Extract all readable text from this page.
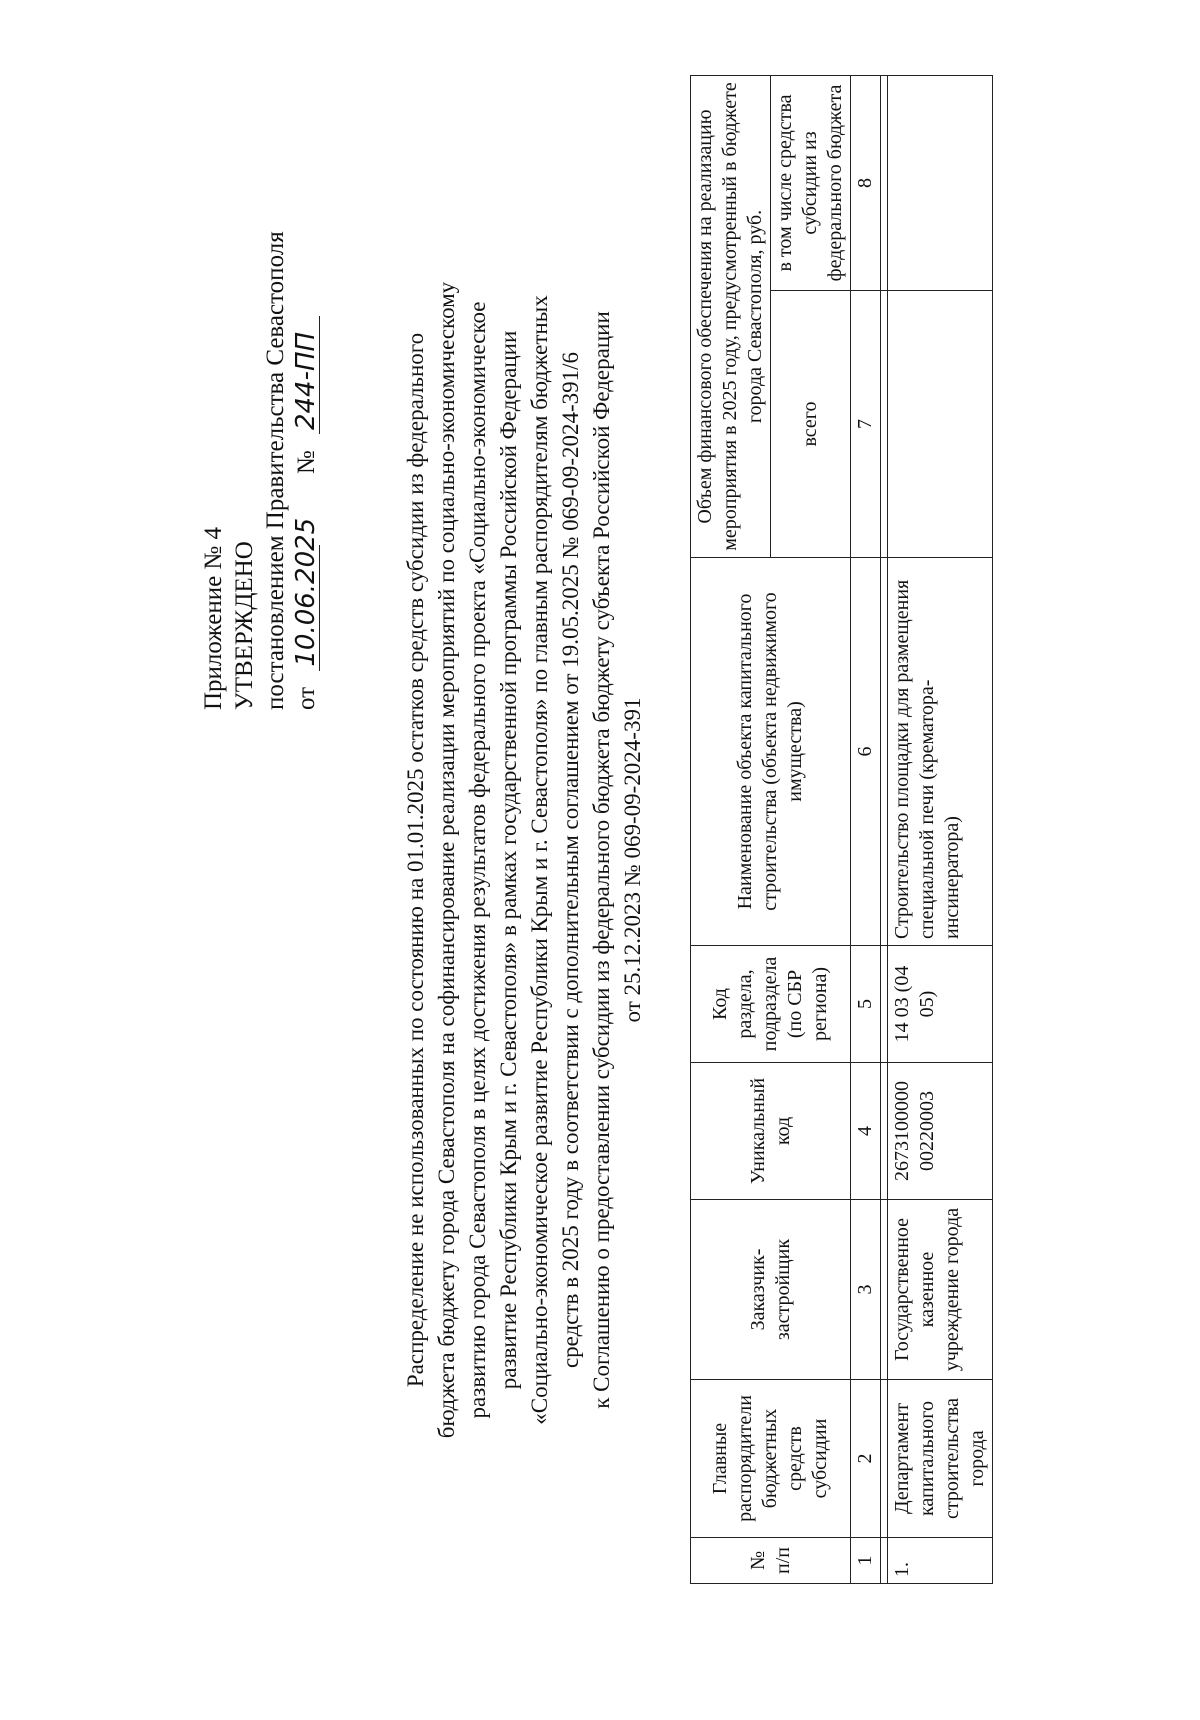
Приложение № 4 УТВЕРЖДЕНО постановлением Правительства Севастополя от 10.06.2025  № 244-ПП	Распределение не использованных по состоянию на 01.01.2025 остатков средств субсидии из федерального бюджета бюджету города Севастополя на софинансирование реализации мероприятий по социально-экономическому развитию города Севастополя в целях достижения результатов федерального проекта «Социально-экономическое развитие Республики Крым и г. Севастополя» в рамках государственной программы Российской Федерации «Социально-экономическое развитие Республики Крым и г. Севастополя» по главным распорядителям бюджетных средств в 2025 году в соответствии с дополнительным соглашением от 19.05.2025 № 069-09-2024-391/6 к Соглашению о предоставлении субсидии из федерального бюджета бюджету субъекта Российской Федерации от 25.12.2023 № 069-09-2024-391
№ п/п	Главные распорядители бюджетных средств субсидии	Заказчик-застройщик	Уникальный код	Код раздела, подраздела (по СБР региона)	Наименование объекта капитального строительства (объекта недвижимого имущества)	Объем финансового обеспечения на реализацию мероприятия в 2025 году, предусмотренный в бюджете города Севастополя, руб.	
						всего	в том числе средства субсидии из федерального бюджета
1	2	3	4	5	6	7	8

1.	Департамент капитального строительства города	Государственное казенное учреждение города	2673100000 00220003	14 03 (04 05)	Строительство площадки для размещения специальной печи (крематора-инсинератора)		
